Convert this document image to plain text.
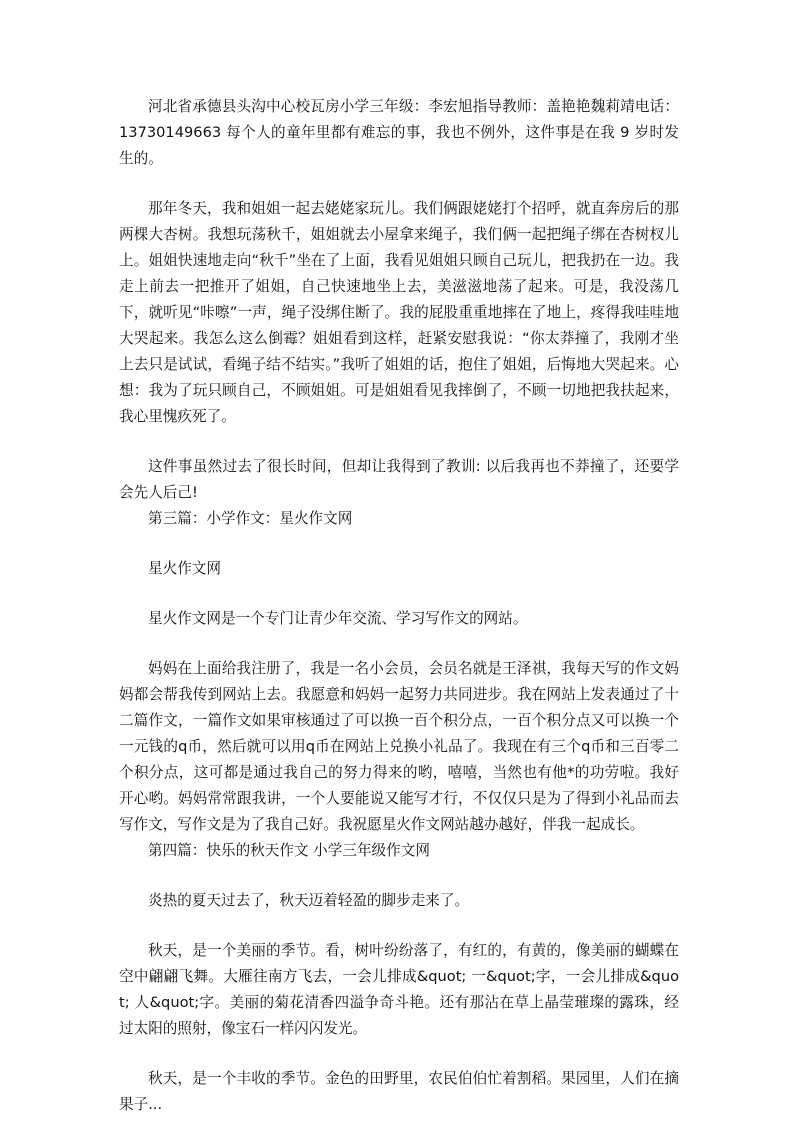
河北省承德县头沟中心校瓦房小学三年级：李宏旭指导教师：盖艳艳魏莉靖电话：13730149663 每个人的童年里都有难忘的事，我也不例外，这件事是在我 9 岁时发生的。

那年冬天，我和姐姐一起去姥姥家玩儿。我们俩跟姥姥打个招呼，就直奔房后的那两棵大杏树。我想玩荡秋千，姐姐就去小屋拿来绳子，我们俩一起把绳子绑在杏树杈儿上。姐姐快速地走向“秋千”坐在了上面，我看见姐姐只顾自己玩儿，把我扔在一边。我走上前去一把推开了姐姐，自己快速地坐上去，美滋滋地荡了起来。可是，我没荡几下，就听见“咔嚓”一声，绳子没绑住断了。我的屁股重重地摔在了地上，疼得我哇哇地大哭起来。我怎么这么倒霉？姐姐看到这样，赶紧安慰我说：“你太莽撞了，我刚才坐上去只是试试，看绳子结不结实。”我听了姐姐的话，抱住了姐姐，后悔地大哭起来。心想：我为了玩只顾自己，不顾姐姐。可是姐姐看见我摔倒了，不顾一切地把我扶起来，我心里愧疚死了。

这件事虽然过去了很长时间，但却让我得到了教训: 以后我再也不莽撞了，还要学会先人后己!

第三篇：小学作文：星火作文网

星火作文网

星火作文网是一个专门让青少年交流、学习写作文的网站。

妈妈在上面给我注册了，我是一名小会员，会员名就是王泽祺，我每天写的作文妈妈都会帮我传到网站上去。我愿意和妈妈一起努力共同进步。我在网站上发表通过了十二篇作文，一篇作文如果审核通过了可以换一百个积分点，一百个积分点又可以换一个一元钱的q币，然后就可以用q币在网站上兑换小礼品了。我现在有三个q币和三百零二个积分点，这可都是通过我自己的努力得来的哟，嘻嘻，当然也有他*的功劳啦。我好开心哟。妈妈常常跟我讲，一个人要能说又能写才行，不仅仅只是为了得到小礼品而去写作文，写作文是为了我自己好。我祝愿星火作文网站越办越好，伴我一起成长。

第四篇：快乐的秋天作文 小学三年级作文网

炎热的夏天过去了，秋天迈着轻盈的脚步走来了。

秋天，是一个美丽的季节。看，树叶纷纷落了，有红的，有黄的，像美丽的蝴蝶在空中翩翩飞舞。大雁往南方飞去，一会儿排成&quot; 一&quot;字，一会儿排成&quot; 人&quot;字。美丽的菊花清香四溢争奇斗艳。还有那沾在草上晶莹璀璨的露珠，经过太阳的照射，像宝石一样闪闪发光。

秋天，是一个丰收的季节。金色的田野里，农民伯伯忙着割稻。果园里，人们在摘果子...
